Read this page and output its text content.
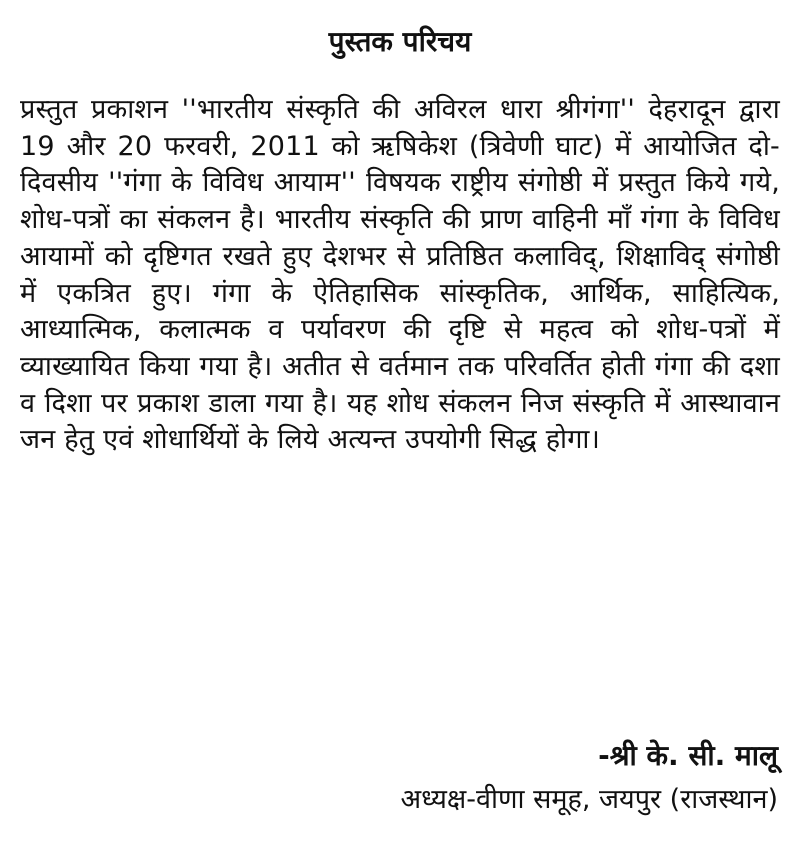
पुस्तक परिचय

प्रस्तुत प्रकाशन ''भारतीय संस्कृति की अविरल धारा श्रीगंगा'' देहरादून द्वारा 19 और 20 फरवरी, 2011 को ऋषिकेश (त्रिवेणी घाट) में आयोजित दो-दिवसीय ''गंगा के विविध आयाम'' विषयक राष्ट्रीय संगोष्ठी में प्रस्तुत किये गये, शोध-पत्रों का संकलन है। भारतीय संस्कृति की प्राण वाहिनी माँ गंगा के विविध आयामों को दृष्टिगत रखते हुए देशभर से प्रतिष्ठित कलाविद्, शिक्षाविद् संगोष्ठी में एकत्रित हुए। गंगा के ऐतिहासिक सांस्कृतिक, आर्थिक, साहित्यिक, आध्यात्मिक, कलात्मक व पर्यावरण की दृष्टि से महत्व को शोध-पत्रों में व्याख्यायित किया गया है। अतीत से वर्तमान तक परिवर्तित होती गंगा की दशा व दिशा पर प्रकाश डाला गया है। यह शोध संकलन निज संस्कृति में आस्थावान जन हेतु एवं शोधार्थियों के लिये अत्यन्त उपयोगी सिद्ध होगा।

-श्री के. सी. मालू
अध्यक्ष-वीणा समूह, जयपुर (राजस्थान)
